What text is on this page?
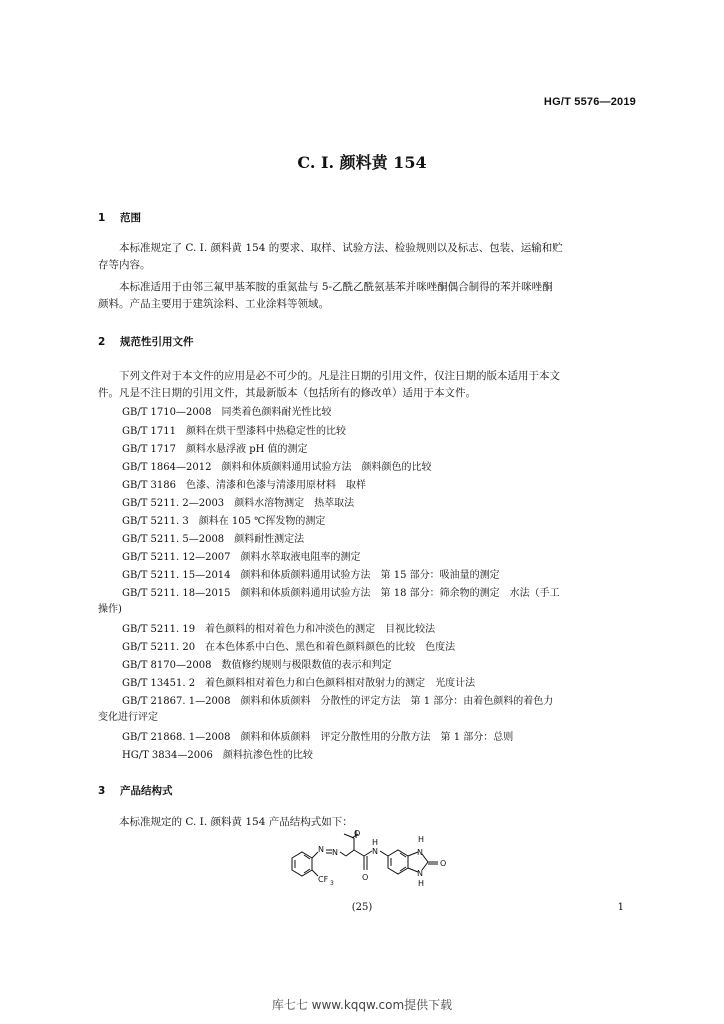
HG/T 5576—2019
C. I. 颜料黄 154
1 范围
本标准规定了 C. I. 颜料黄 154 的要求、取样、试验方法、检验规则以及标志、包装、运输和贮
存等内容。
本标准适用于由邻三氟甲基苯胺的重氮盐与 5-乙酰乙酰氨基苯并咪唑酮偶合制得的苯并咪唑酮
颜料。产品主要用于建筑涂料、工业涂料等领域。
2 规范性引用文件
下列文件对于本文件的应用是必不可少的。凡是注日期的引用文件，仅注日期的版本适用于本文
件。凡是不注日期的引用文件，其最新版本（包括所有的修改单）适用于本文件。
GB/T 1710—2008 同类着色颜料耐光性比较
GB/T 1711 颜料在烘干型漆料中热稳定性的比较
GB/T 1717 颜料水悬浮液 pH 值的测定
GB/T 1864—2012 颜料和体质颜料通用试验方法　颜料颜色的比较
GB/T 3186 色漆、清漆和色漆与清漆用原材料　取样
GB/T 5211. 2—2003 颜料水溶物测定　热萃取法
GB/T 5211. 3 颜料在 105 ℃挥发物的测定
GB/T 5211. 5—2008 颜料耐性测定法
GB/T 5211. 12—2007 颜料水萃取液电阻率的测定
GB/T 5211. 15—2014 颜料和体质颜料通用试验方法　第 15 部分：吸油量的测定
GB/T 5211. 18—2015 颜料和体质颜料通用试验方法　第 18 部分：筛余物的测定　水法（手工
操作)
GB/T 5211. 19 着色颜料的相对着色力和冲淡色的测定　目视比较法
GB/T 5211. 20 在本色体系中白色、黑色和着色颜料颜色的比较　色度法
GB/T 8170—2008 数值修约规则与极限数值的表示和判定
GB/T 13451. 2 着色颜料相对着色力和白色颜料相对散射力的测定　光度计法
GB/T 21867. 1—2008 颜料和体质颜料　分散性的评定方法　第 1 部分：由着色颜料的着色力
变化进行评定
GB/T 21868. 1—2008 颜料和体质颜料　评定分散性用的分散方法　第 1 部分：总则
HG/T 3834—2006 颜料抗渗色性的比较
3 产品结构式
本标准规定的 C. I. 颜料黄 154 产品结构式如下：
O
O
O
N N	N
H	H
N
H
N
CF 3
(25)	1
库七七 www.kqqw.com提供下载
